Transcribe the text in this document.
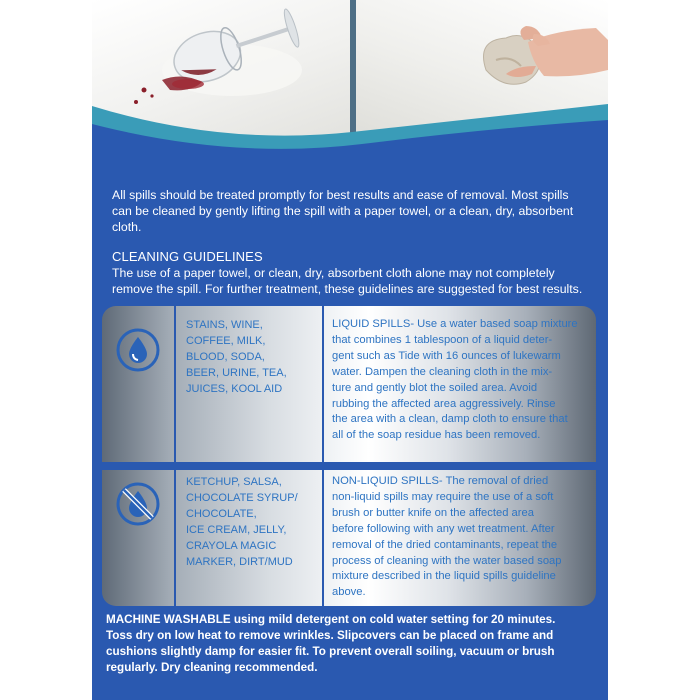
All spills should be treated promptly for best results and ease of removal. Most spills
can be cleaned by gently lifting the spill with a paper towel, or a clean, dry, absorbent
cloth.
CLEANING GUIDELINES
The use of a paper towel, or clean, dry, absorbent cloth alone may not completely
remove the spill. For further treatment, these guidelines are suggested for best results.
STAINS, WINE,
COFFEE, MILK,
BLOOD, SODA,
BEER, URINE, TEA,
JUICES, KOOL AID
LIQUID SPILLS- Use a water based soap mixture
that combines 1 tablespoon of a liquid deter-
gent such as Tide with 16 ounces of lukewarm
water. Dampen the cleaning cloth in the mix-
ture and gently blot the soiled area. Avoid
rubbing the affected area aggressively. Rinse
the area with a clean, damp cloth to ensure that
all of the soap residue has been removed.
KETCHUP, SALSA,
CHOCOLATE SYRUP/
CHOCOLATE,
ICE CREAM, JELLY,
CRAYOLA MAGIC
MARKER, DIRT/MUD
NON-LIQUID SPILLS- The removal of dried
non-liquid spills may require the use of a soft
brush or butter knife on the affected area
before following with any wet treatment. After
removal of the dried contaminants, repeat the
process of cleaning with the water based soap
mixture described in the liquid spills guideline
above.
MACHINE WASHABLE using mild detergent on cold water setting for 20 minutes.
Toss dry on low heat to remove wrinkles. Slipcovers can be placed on frame and
cushions slightly damp for easier fit. To prevent overall soiling, vacuum or brush
regularly. Dry cleaning recommended.
